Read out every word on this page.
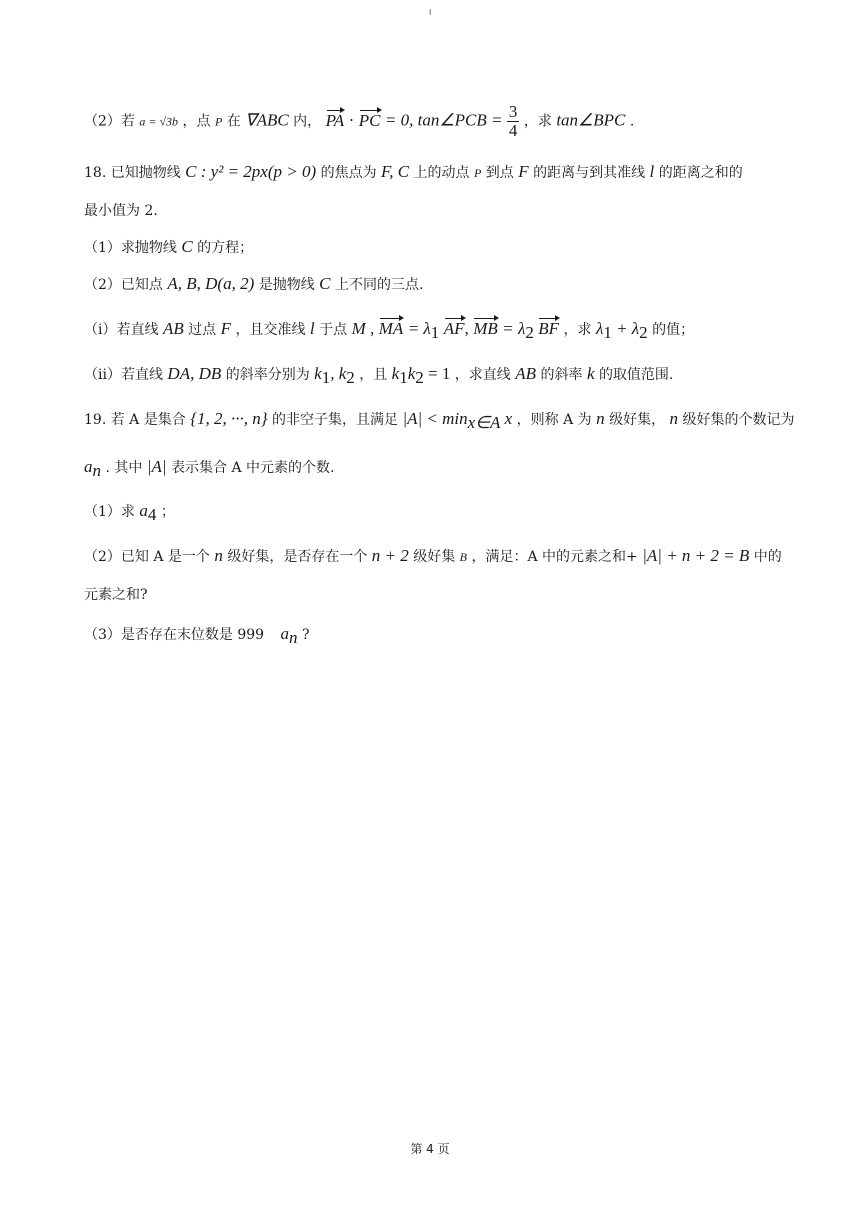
I
（2）若 a = √3b ，点 P 在 ∇ABC 内， PA · PC = 0, tan∠PCB = $\frac{3}{4}$ ，求 tan∠BPC .
18. 已知抛物线 C : y² = 2px(p > 0) 的焦点为 F, C 上的动点 P 到点 F 的距离与到其准线 l 的距离之和的
最小值为 2.
（1）求抛物线 C 的方程；
（2）已知点 A, B, D(a, 2) 是抛物线 C 上不同的三点.
（i）若直线 AB 过点 F ，且交准线 l 于点 M , MA = $\lambda_1$ AF, MB = $\lambda_2$ BF ，求 $\lambda_1 + \lambda_2$ 的值；
（ii）若直线 DA, DB 的斜率分别为 $k_1$, $k_2$ ，且 $k_1k_2 = 1$ ，求直线 AB 的斜率 k 的取值范围.
19. 若 A 是集合 {1, 2, ···, n} 的非空子集，且满足 $|A| < \min_{x\in A} x$ ，则称 A 为 n 级好集， n 级好集的个数记为
$a_n$ . 其中 |A| 表示集合 A 中元素的个数.
（1）求 $a_4$ ；
（2）已知 A 是一个 n 级好集，是否存在一个 n + 2 级好集 B ，满足：A 中的元素之和+ |A| + n + 2 = B 中的
元素之和?
（3）是否存在末位数是 999 $a_n$ ?
第 4 页
